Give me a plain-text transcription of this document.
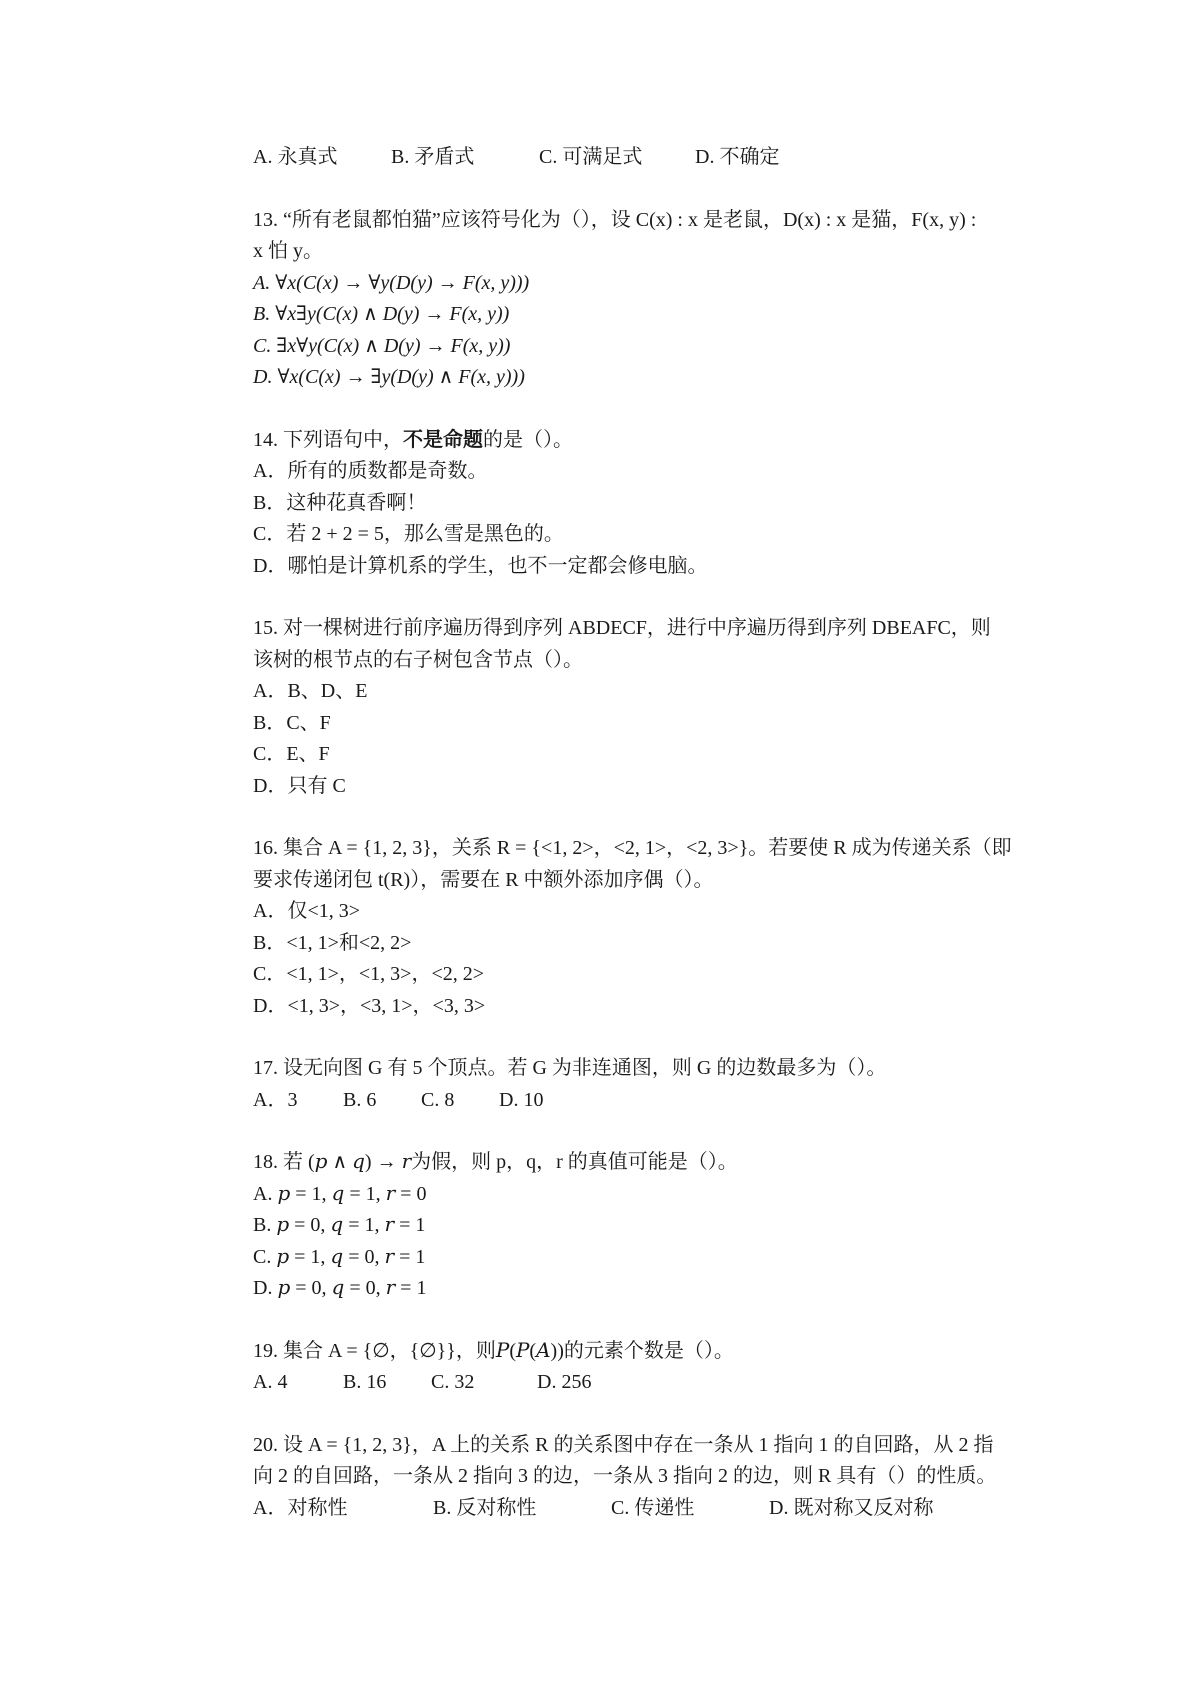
A. 永真式	B. 矛盾式	C. 可满足式	D. 不确定
13. “所有老鼠都怕猫”应该符号化为（），设 C(x) : x 是老鼠，D(x) : x 是猫，F(x, y) :
x 怕 y。
A. ∀x(C(x) → ∀y(D(y) → F(x, y)))
B. ∀x∃y(C(x) ∧ D(y) → F(x, y))
C. ∃x∀y(C(x) ∧ D(y) → F(x, y))
D. ∀x(C(x) → ∃y(D(y) ∧ F(x, y)))
14. 下列语句中，不是命题的是（）。
A．所有的质数都是奇数。
B．这种花真香啊！
C．若 2 + 2 = 5，那么雪是黑色的。
D．哪怕是计算机系的学生，也不一定都会修电脑。
15. 对一棵树进行前序遍历得到序列 ABDECF，进行中序遍历得到序列 DBEAFC，则
该树的根节点的右子树包含节点（）。
A．B、D、E
B．C、F
C．E、F
D．只有 C
16. 集合 A = {1, 2, 3}，关系 R = {<1, 2>，<2, 1>，<2, 3>}。若要使 R 成为传递关系（即
要求传递闭包 t(R)），需要在 R 中额外添加序偶（）。
A．仅<1, 3>
B．<1, 1>和<2, 2>
C．<1, 1>，<1, 3>，<2, 2>
D．<1, 3>，<3, 1>，<3, 3>
17. 设无向图 G 有 5 个顶点。若 G 为非连通图，则 G 的边数最多为（）。
A．3	B. 6	C. 8	D. 10
18. 若 (𝑝 ∧ 𝑞) → 𝑟为假，则 p，q，r 的真值可能是（）。
A. 𝑝 = 1, 𝑞 = 1, 𝑟 = 0
B. 𝑝 = 0, 𝑞 = 1, 𝑟 = 1
C. 𝑝 = 1, 𝑞 = 0, 𝑟 = 1
D. 𝑝 = 0, 𝑞 = 0, 𝑟 = 1
19. 集合 A = {∅，{∅}}，则𝑃(𝑃(𝐴))的元素个数是（）。
A. 4	B. 16	C. 32	D. 256
20. 设 A = {1, 2, 3}，A 上的关系 R 的关系图中存在一条从 1 指向 1 的自回路，从 2 指
向 2 的自回路，一条从 2 指向 3 的边，一条从 3 指向 2 的边，则 R 具有（）的性质。
A．对称性	B. 反对称性	C. 传递性	D. 既对称又反对称
